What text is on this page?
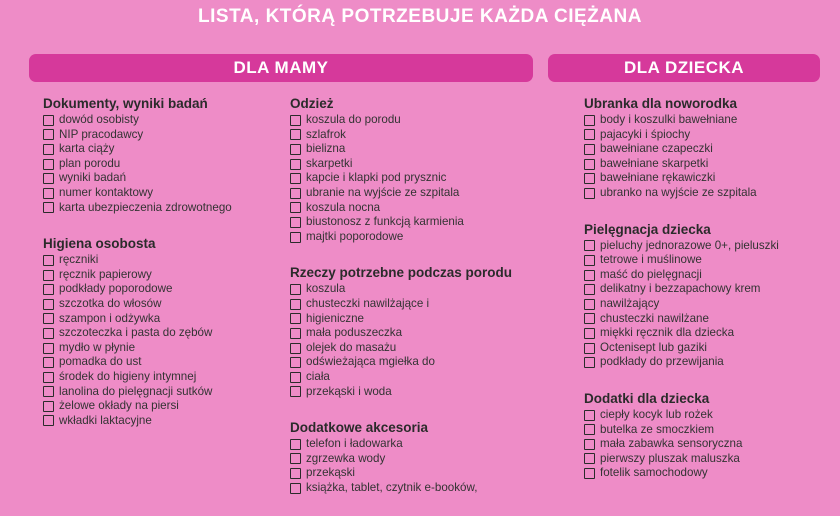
LISTA, KTÓRĄ POTRZEBUJE KAŻDA CIĘŻANA
DLA MAMY	DLA DZIECKA
Dokumenty, wyniki badań
dowód osobisty
NIP pracodawcy
karta ciąży
plan porodu
wyniki badań
numer kontaktowy
karta ubezpieczenia zdrowotnego
Higiena osobosta
ręczniki
ręcznik papierowy
podkłady poporodowe
szczotka do włosów
szampon i odżywka
szczoteczka i pasta do zębów
mydło w płynie
pomadka do ust
środek do higieny intymnej
lanolina do pielęgnacji sutków
żelowe okłady na piersi
wkładki laktacyjne
Odzież
koszula do porodu
szlafrok
bielizna
skarpetki
kapcie i klapki pod prysznic
ubranie na wyjście ze szpitala
koszula nocna
biustonosz z funkcją karmienia
majtki poporodowe
Rzeczy potrzebne podczas porodu
koszula
chusteczki nawilżające i
higieniczne
mała poduszeczka
olejek do masażu
odświeżająca mgiełka do
ciała
przekąski i woda
Dodatkowe akcesoria
telefon i ładowarka
zgrzewka wody
przekąski
książka, tablet, czytnik e-booków,
Ubranka dla noworodka
body i koszulki bawełniane
pajacyki i śpiochy
bawełniane czapeczki
bawełniane skarpetki
bawełniane rękawiczki
ubranko na wyjście ze szpitala
Pielęgnacja dziecka
pieluchy jednorazowe 0+, pieluszki
tetrowe i muślinowe
maść do pielęgnacji
delikatny i bezzapachowy krem
nawilżający
chusteczki nawilżane
miękki ręcznik dla dziecka
Octenisept lub gaziki
podkłady do przewijania
Dodatki dla dziecka
ciepły kocyk lub rożek
butelka ze smoczkiem
mała zabawka sensoryczna
pierwszy pluszak maluszka
fotelik samochodowy
